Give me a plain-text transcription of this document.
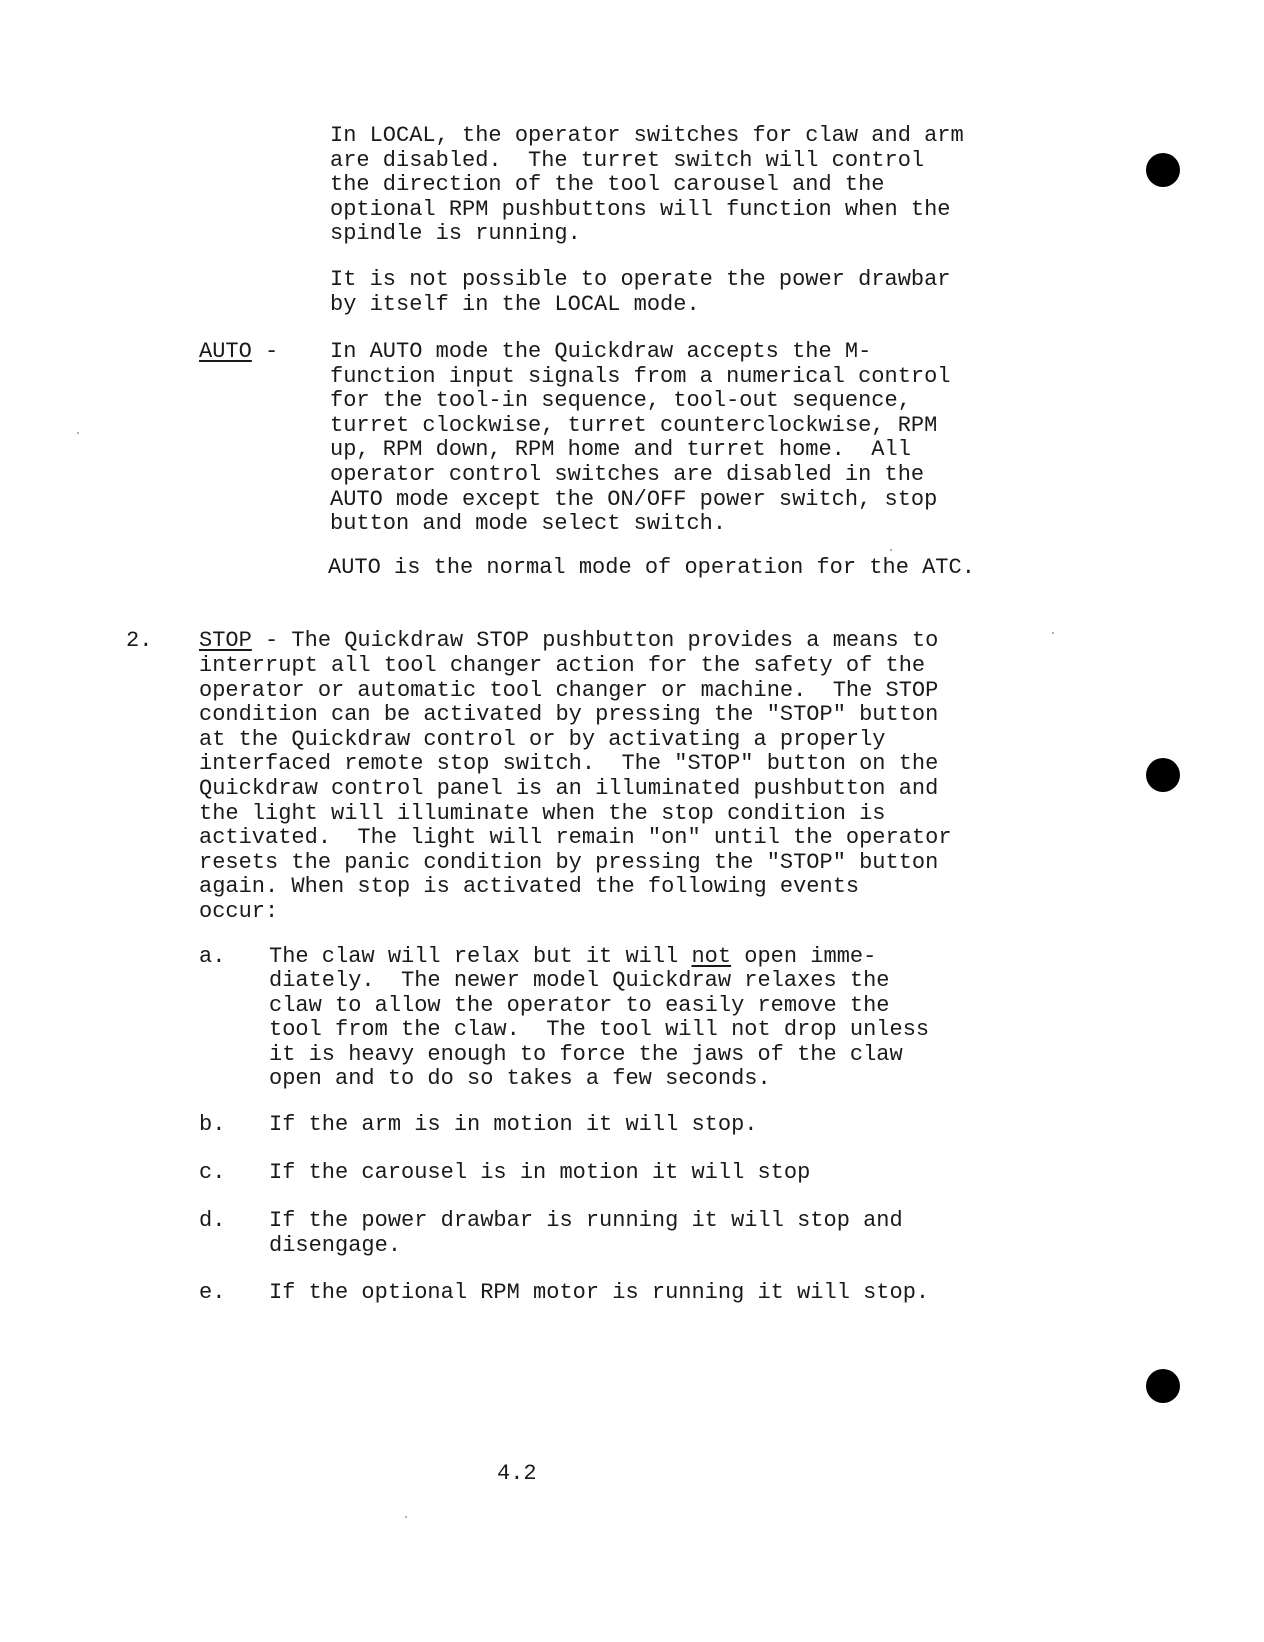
In LOCAL, the operator switches for claw and arm
are disabled.  The turret switch will control
the direction of the tool carousel and the
optional RPM pushbuttons will function when the
spindle is running.
It is not possible to operate the power drawbar
by itself in the LOCAL mode.
AUTO - In AUTO mode the Quickdraw accepts the M-
function input signals from a numerical control
for the tool-in sequence, tool-out sequence,
turret clockwise, turret counterclockwise, RPM
up, RPM down, RPM home and turret home.  All
operator control switches are disabled in the
AUTO mode except the ON/OFF power switch, stop
button and mode select switch.
AUTO is the normal mode of operation for the ATC.
2. STOP - The Quickdraw STOP pushbutton provides a means to
interrupt all tool changer action for the safety of the
operator or automatic tool changer or machine.  The STOP
condition can be activated by pressing the "STOP" button
at the Quickdraw control or by activating a properly
interfaced remote stop switch.  The "STOP" button on the
Quickdraw control panel is an illuminated pushbutton and
the light will illuminate when the stop condition is
activated.  The light will remain "on" until the operator
resets the panic condition by pressing the "STOP" button
again. When stop is activated the following events
occur:
a. The claw will relax but it will not open imme-
diately.  The newer model Quickdraw relaxes the
claw to allow the operator to easily remove the
tool from the claw.  The tool will not drop unless
it is heavy enough to force the jaws of the claw
open and to do so takes a few seconds.
b. If the arm is in motion it will stop.
c. If the carousel is in motion it will stop
d. If the power drawbar is running it will stop and
disengage.
e. If the optional RPM motor is running it will stop.
4.2
